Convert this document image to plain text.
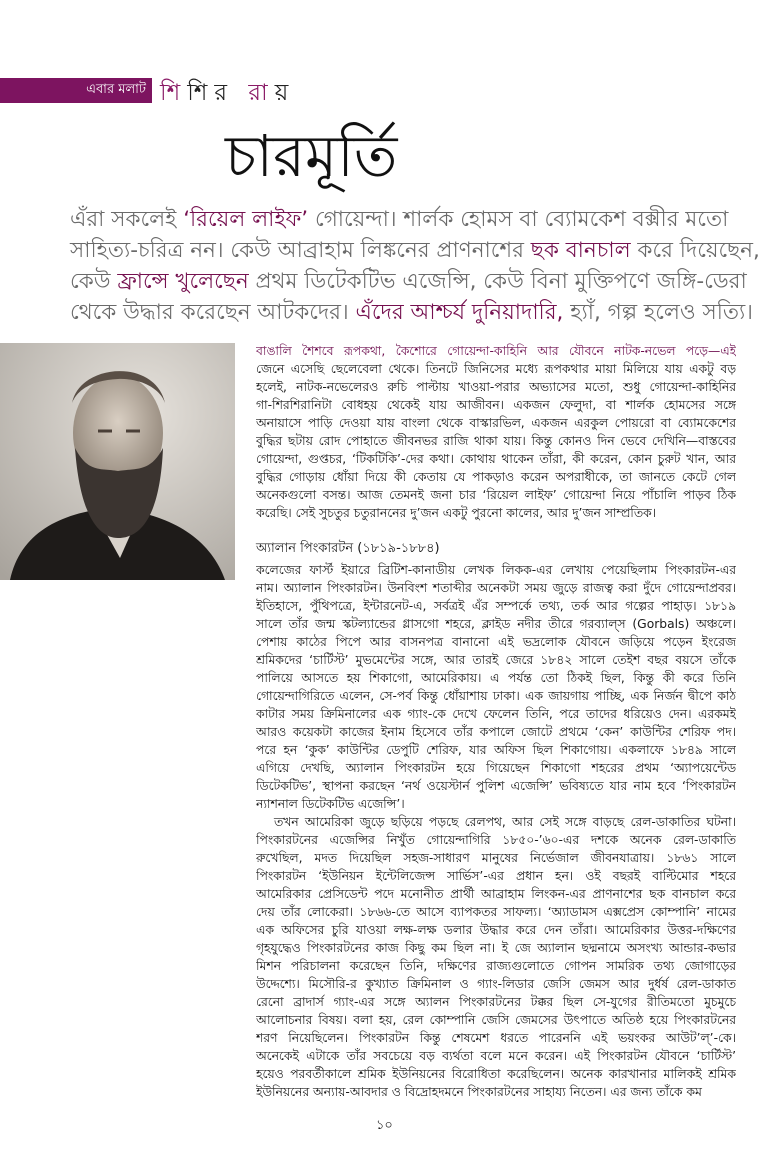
এবার মলাট শিশির রায়
চারমূর্তি
এঁরা সকলেই ‘রিয়েল লাইফ’ গোয়েন্দা। শার্লক হোমস বা ব্যোমকেশ বক্সীর মতো
সাহিত্য-চরিত্র নন। কেউ আব্রাহাম লিঙ্কনের প্রাণনাশের ছক বানচাল করে দিয়েছেন,
কেউ ফ্রান্সে খুলেছেন প্রথম ডিটেকটিভ এজেন্সি, কেউ বিনা মুক্তিপণে জঙ্গি-ডেরা
থেকে উদ্ধার করেছেন আটকদের। এঁদের আশ্চর্য দুনিয়াদারি, হ্যাঁ, গল্প হলেও সত্যি।
বাঙালি শৈশবে রূপকথা, কৈশোরে গোয়েন্দা-কাহিনি আর যৌবনে নাটক-নভেল পড়ে—এই
জেনে এসেছি ছেলেবেলা থেকে। তিনটে জিনিসের মধ্যে রূপকথার মায়া মিলিয়ে যায় একটু বড়
হলেই, নাটক-নভেলেরও রুচি পাল্টায় খাওয়া-পরার অভ্যাসের মতো, শুধু গোয়েন্দা-কাহিনির
গা-শিরশিরানিটা বোধহয় থেকেই যায় আজীবন। একজন ফেলুদা, বা শার্লক হোমসের সঙ্গে
অনায়াসে পাড়ি দেওয়া যায় বাংলা থেকে বাস্কারভিল, একজন এরকুল পোয়রো বা ব্যোমকেশের
বুদ্ধির ছটায় রোদ পোহাতে জীবনভর রাজি থাকা যায়। কিন্তু কোনও দিন ভেবে দেখিনি—বাস্তবের
গোয়েন্দা, গুপ্তচর, ‘টিকটিকি’-দের কথা। কোথায় থাকেন তাঁরা, কী করেন, কোন চুরুট খান, আর
বুদ্ধির গোড়ায় ধোঁয়া দিয়ে কী কেতায় যে পাকড়াও করেন অপরাধীকে, তা জানতে কেটে গেল
অনেকগুলো বসন্ত। আজ তেমনই জনা চার ‘রিয়েল লাইফ’ গোয়েন্দা নিয়ে পাঁচালি পাড়ব ঠিক
করেছি। সেই সুচতুর চতুরাননের দু’জন একটু পুরনো কালের, আর দু’জন সাম্প্রতিক।
অ্যালান পিংকারটন (১৮১৯-১৮৮৪)
কলেজের ফার্স্ট ইয়ারে ব্রিটিশ-কানাডীয় লেখক লিকক-এর লেখায় পেয়েছিলাম পিংকারটন-এর
নাম। অ্যালান পিংকারটন। উনবিংশ শতাব্দীর অনেকটা সময় জুড়ে রাজত্ব করা দুঁদে গোয়েন্দাপ্রবর।
ইতিহাসে, পুঁথিপত্রে, ইন্টারনেট-এ, সর্বত্রই এঁর সম্পর্কে তথ্য, তর্ক আর গল্পের পাহাড়। ১৮১৯
সালে তাঁর জন্ম স্কটল্যান্ডের গ্লাসগো শহরে, ক্লাইড নদীর তীরে গরব্যাল্স (Gorbals) অঞ্চলে।
পেশায় কাঠের পিপে আর বাসনপত্র বানানো এই ভদ্রলোক যৌবনে জড়িয়ে পড়েন ইংরেজ
শ্রমিকদের ‘চার্টিস্ট’ মুভমেন্টের সঙ্গে, আর তারই জেরে ১৮৪২ সালে তেইশ বছর বয়সে তাঁকে
পালিয়ে আসতে হয় শিকাগো, আমেরিকায়। এ পর্যন্ত তো ঠিকই ছিল, কিন্তু কী করে তিনি
গোয়েন্দাগিরিতে এলেন, সে-পর্ব কিন্তু ধোঁয়াশায় ঢাকা। এক জায়গায় পাচ্ছি, এক নির্জন দ্বীপে কাঠ
কাটার সময় ক্রিমিনালের এক গ্যাং-কে দেখে ফেলেন তিনি, পরে তাদের ধরিয়েও দেন। এরকমই
আরও কয়েকটা কাজের ইনাম হিসেবে তাঁর কপালে জোটে প্রথমে ‘কেন’ কাউন্টির শেরিফ পদ।
পরে হন ‘কুক’ কাউন্টির ডেপুটি শেরিফ, যার অফিস ছিল শিকাগোয়। একলাফে ১৮৪৯ সালে
এগিয়ে দেখছি, অ্যালান পিংকারটন হয়ে গিয়েছেন শিকাগো শহরের প্রথম ‘অ্যাপয়েন্টেড
ডিটেকটিভ’, স্থাপনা করছেন ‘নর্থ ওয়েস্টার্ন পুলিশ এজেন্সি’ ভবিষ্যতে যার নাম হবে ‘পিংকারটন
ন্যাশনাল ডিটেকটিভ এজেন্সি’।
তখন আমেরিকা জুড়ে ছড়িয়ে পড়ছে রেলপথ, আর সেই সঙ্গে বাড়ছে রেল-ডাকাতির ঘটনা।
পিংকারটনের এজেন্সির নিখুঁত গোয়েন্দাগিরি ১৮৫০-’৬০-এর দশকে অনেক রেল-ডাকাতি
রুখেছিল, মদত দিয়েছিল সহজ-সাধারণ মানুষের নির্ভেজাল জীবনযাত্রায়। ১৮৬১ সালে
পিংকারটন ‘ইউনিয়ন ইন্টেলিজেন্স সার্ভিস’-এর প্রধান হন। ওই বছরই বাল্টিমোর শহরে
আমেরিকার প্রেসিডেন্ট পদে মনোনীত প্রার্থী আব্রাহাম লিংকন-এর প্রাণনাশের ছক বানচাল করে
দেয় তাঁর লোকেরা। ১৮৬৬-তে আসে ব্যাপকতর সাফল্য। ‘অ্যাডামস এক্সপ্রেস কোম্পানি’ নামের
এক অফিসের চুরি যাওয়া লক্ষ-লক্ষ ডলার উদ্ধার করে দেন তাঁরা। আমেরিকার উত্তর-দক্ষিণের
গৃহযুদ্ধেও পিংকারটনের কাজ কিছু কম ছিল না। ই জে অ্যালান ছদ্মনামে অসংখ্য আন্ডার-কভার
মিশন পরিচালনা করেছেন তিনি, দক্ষিণের রাজ্যগুলোতে গোপন সামরিক তথ্য জোগাড়ের
উদ্দেশ্যে। মিসৌরি-র কুখ্যাত ক্রিমিনাল ও গ্যাং-লিডার জেসি জেমস আর দুর্ধর্ষ রেল-ডাকাত
রেনো ব্রাদার্স গ্যাং-এর সঙ্গে অ্যালন পিংকারটনের টক্কর ছিল সে-যুগের রীতিমতো মুচমুচে
আলোচনার বিষয়। বলা হয়, রেল কোম্পানি জেসি জেমসের উৎপাতে অতিষ্ঠ হয়ে পিংকারটনের
শরণ নিয়েছিলেন। পিংকারটন কিন্তু শেষমেশ ধরতে পারেননি এই ভয়ংকর আউট’ল্’-কে।
অনেকেই এটাকে তাঁর সবচেয়ে বড় ব্যর্থতা বলে মনে করেন। এই পিংকারটন যৌবনে ‘চার্টিস্ট’
হয়েও পরবর্তীকালে শ্রমিক ইউনিয়নের বিরোধিতা করেছিলেন। অনেক কারখানার মালিকই শ্রমিক
ইউনিয়নের অন্যায়-আবদার ও বিদ্রোহদমনে পিংকারটনের সাহায্য নিতেন। এর জন্য তাঁকে কম
১০
